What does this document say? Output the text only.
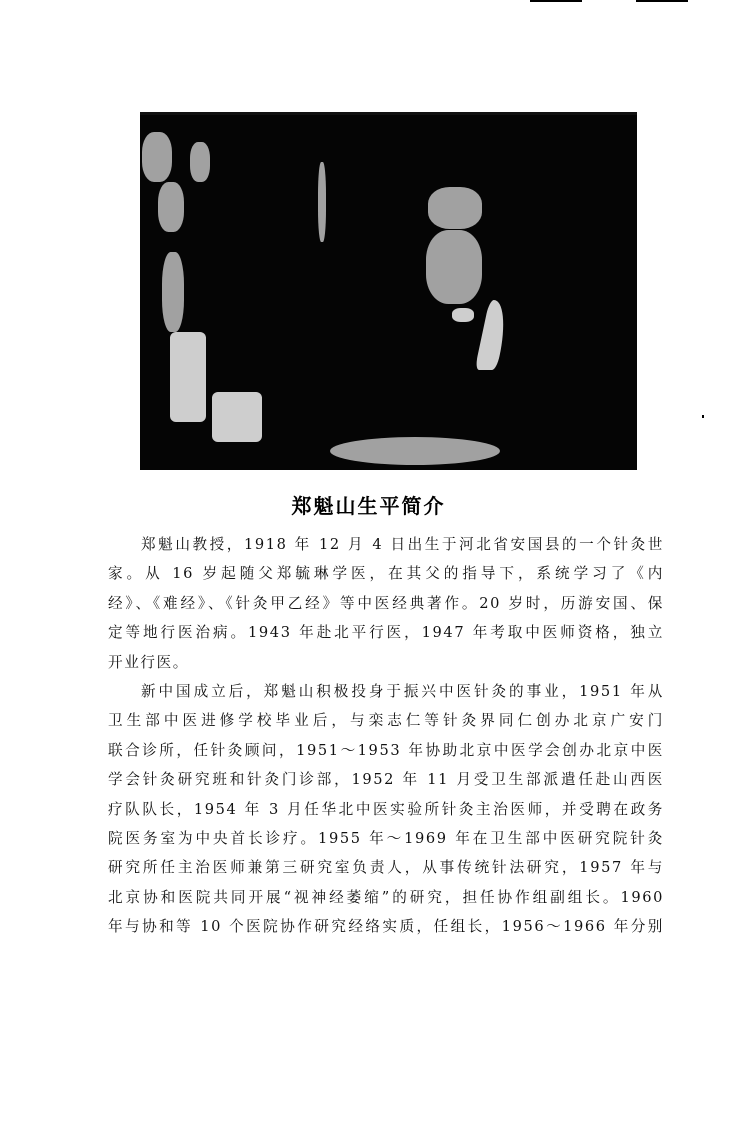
郑魁山生平简介
郑魁山教授，1918 年 12 月 4 日出生于河北省安国县的一个针灸世
家。从 16 岁起随父郑毓琳学医，在其父的指导下，系统学习了《内
经》、《难经》、《针灸甲乙经》等中医经典著作。20 岁时，历游安国、保
定等地行医治病。1943 年赴北平行医，1947 年考取中医师资格，独立
开业行医。
新中国成立后，郑魁山积极投身于振兴中医针灸的事业，1951 年从
卫生部中医进修学校毕业后，与栾志仁等针灸界同仁创办北京广安门
联合诊所，任针灸顾问，1951～1953 年协助北京中医学会创办北京中医
学会针灸研究班和针灸门诊部，1952 年 11 月受卫生部派遣任赴山西医
疗队队长，1954 年 3 月任华北中医实验所针灸主治医师，并受聘在政务
院医务室为中央首长诊疗。1955 年～1969 年在卫生部中医研究院针灸
研究所任主治医师兼第三研究室负责人，从事传统针法研究，1957 年与
北京协和医院共同开展“视神经萎缩”的研究，担任协作组副组长。1960
年与协和等 10 个医院协作研究经络实质，任组长，1956～1966 年分别
